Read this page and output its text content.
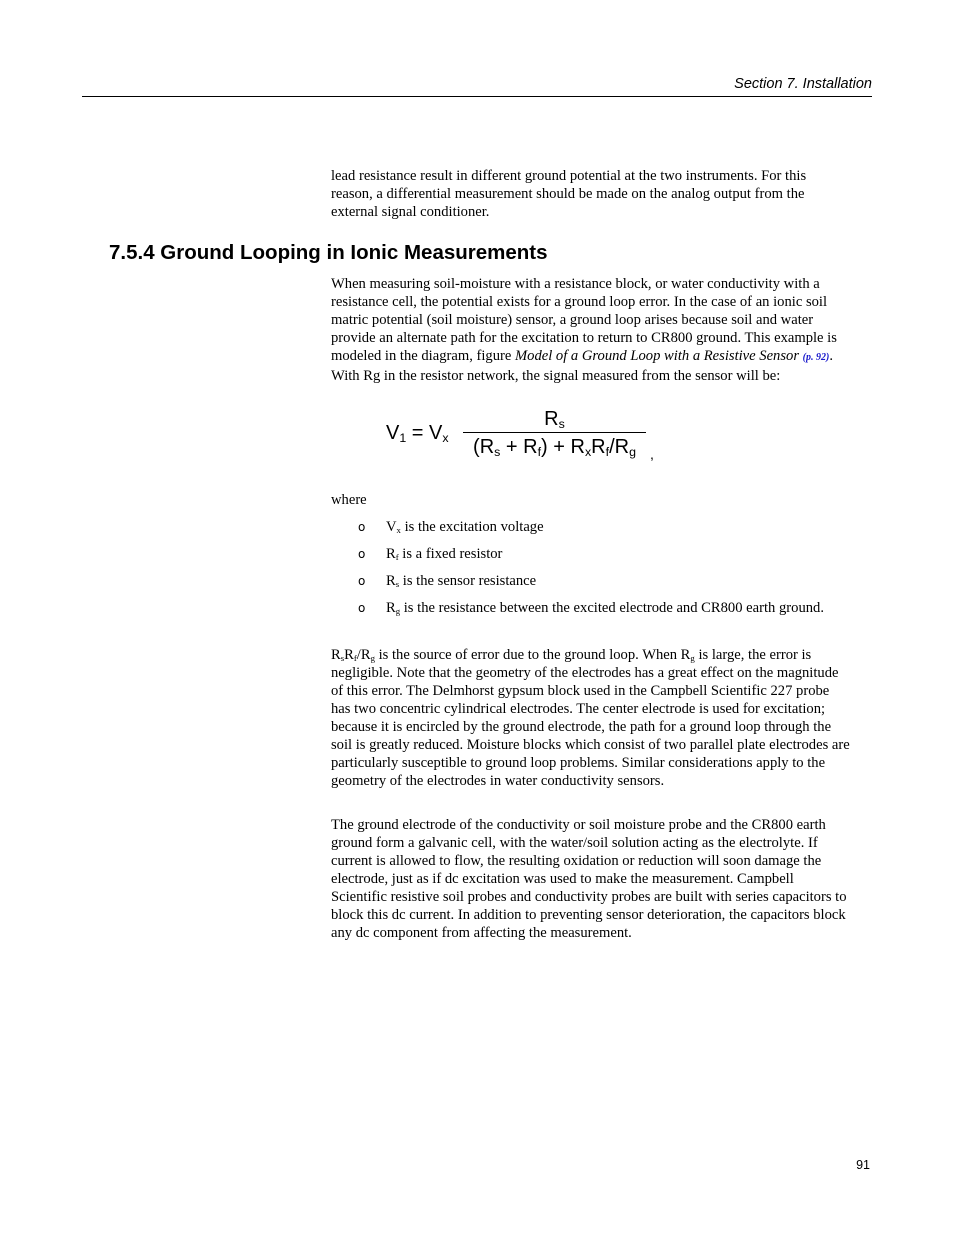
Section 7. Installation
lead resistance result in different ground potential at the two instruments. For this reason, a differential measurement should be made on the analog output from the external signal conditioner.
7.5.4 Ground Looping in Ionic Measurements
When measuring soil-moisture with a resistance block, or water conductivity with a resistance cell, the potential exists for a ground loop error. In the case of an ionic soil matric potential (soil moisture) sensor, a ground loop arises because soil and water provide an alternate path for the excitation to return to CR800 ground. This example is modeled in the diagram, figure Model of a Ground Loop with a Resistive Sensor (p. 92). With Rg in the resistor network, the signal measured from the sensor will be:
$V_1 = V_x$
$R_s$
$(R_s + R_f) + R_xR_f/R_g$	,
where
o Vx is the excitation voltage
o Rf is a fixed resistor
o Rs is the sensor resistance
o Rg is the resistance between the excited electrode and CR800 earth ground.
RsRf/Rg is the source of error due to the ground loop. When Rg is large, the error is negligible. Note that the geometry of the electrodes has a great effect on the magnitude of this error. The Delmhorst gypsum block used in the Campbell Scientific 227 probe has two concentric cylindrical electrodes. The center electrode is used for excitation; because it is encircled by the ground electrode, the path for a ground loop through the soil is greatly reduced. Moisture blocks which consist of two parallel plate electrodes are particularly susceptible to ground loop problems. Similar considerations apply to the geometry of the electrodes in water conductivity sensors.
The ground electrode of the conductivity or soil moisture probe and the CR800 earth ground form a galvanic cell, with the water/soil solution acting as the electrolyte. If current is allowed to flow, the resulting oxidation or reduction will soon damage the electrode, just as if dc excitation was used to make the measurement. Campbell Scientific resistive soil probes and conductivity probes are built with series capacitors to block this dc current. In addition to preventing sensor deterioration, the capacitors block any dc component from affecting the measurement.
91
